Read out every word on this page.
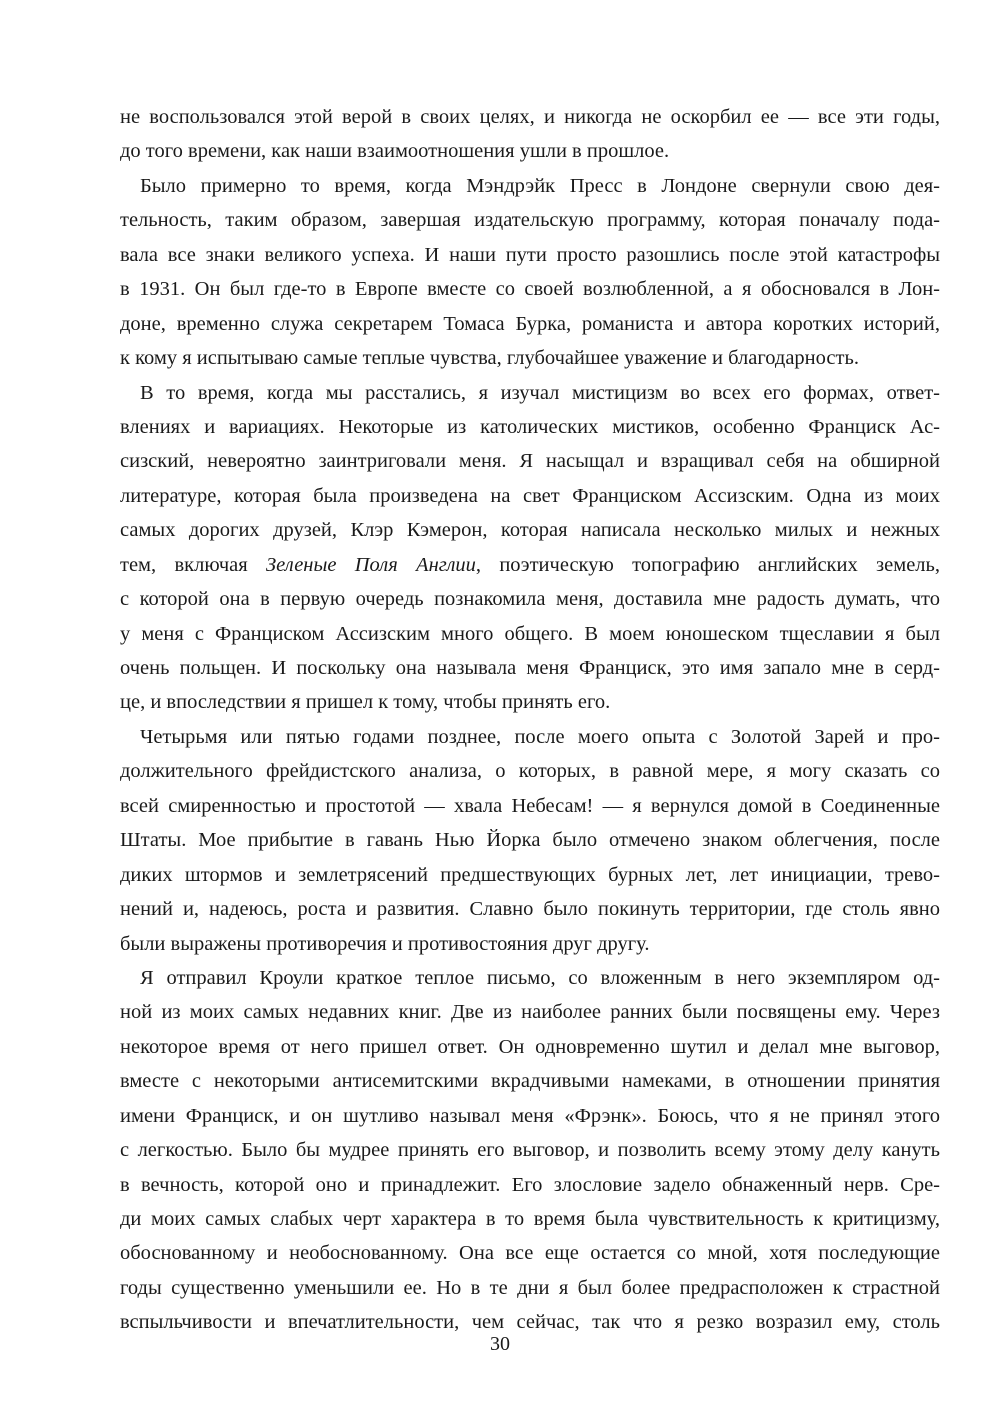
не воспользовался этой верой в своих целях, и никогда не оскорбил ее — все эти годы,
до того времени, как наши взаимоотношения ушли в прошлое.
Было примерно то время, когда Мэндрэйк Пресс в Лондоне свернули свою дея-
тельность, таким образом, завершая издательскую программу, которая поначалу пода-
вала все знаки великого успеха. И наши пути просто разошлись после этой катастрофы
в 1931. Он был где-то в Европе вместе со своей возлюбленной, а я обосновался в Лон-
доне, временно служа секретарем Томаса Бурка, романиста и автора коротких историй,
к кому я испытываю самые теплые чувства, глубочайшее уважение и благодарность.
В то время, когда мы расстались, я изучал мистицизм во всех его формах, ответ-
влениях и вариациях. Некоторые из католических мистиков, особенно Франциск Ас-
сизский, невероятно заинтриговали меня. Я насыщал и взращивал себя на обширной
литературе, которая была произведена на свет Франциском Ассизским. Одна из моих
самых дорогих друзей, Клэр Кэмерон, которая написала несколько милых и нежных
тем, включая Зеленые Поля Англии, поэтическую топографию английских земель,
с которой она в первую очередь познакомила меня, доставила мне радость думать, что
у меня с Франциском Ассизским много общего. В моем юношеском тщеславии я был
очень польщен. И поскольку она называла меня Франциск, это имя запало мне в серд-
це, и впоследствии я пришел к тому, чтобы принять его.
Четырьмя или пятью годами позднее, после моего опыта с Золотой Зарей и про-
должительного фрейдистского анализа, о которых, в равной мере, я могу сказать со
всей смиренностью и простотой — хвала Небесам! — я вернулся домой в Соединенные
Штаты. Мое прибытие в гавань Нью Йорка было отмечено знаком облегчения, после
диких штормов и землетрясений предшествующих бурных лет, лет инициации, трево-
нений и, надеюсь, роста и развития. Славно было покинуть территории, где столь явно
были выражены противоречия и противостояния друг другу.
Я отправил Кроули краткое теплое письмо, со вложенным в него экземпляром од-
ной из моих самых недавних книг. Две из наиболее ранних были посвящены ему. Через
некоторое время от него пришел ответ. Он одновременно шутил и делал мне выговор,
вместе с некоторыми антисемитскими вкрадчивыми намеками, в отношении принятия
имени Франциск, и он шутливо называл меня «Фрэнк». Боюсь, что я не принял этого
с легкостью. Было бы мудрее принять его выговор, и позволить всему этому делу кануть
в вечность, которой оно и принадлежит. Его злословие задело обнаженный нерв. Сре-
ди моих самых слабых черт характера в то время была чувствительность к критицизму,
обоснованному и необоснованному. Она все еще остается со мной, хотя последующие
годы существенно уменьшили ее. Но в те дни я был более предрасположен к страстной
вспыльчивости и впечатлительности, чем сейчас, так что я резко возразил ему, столь
30
